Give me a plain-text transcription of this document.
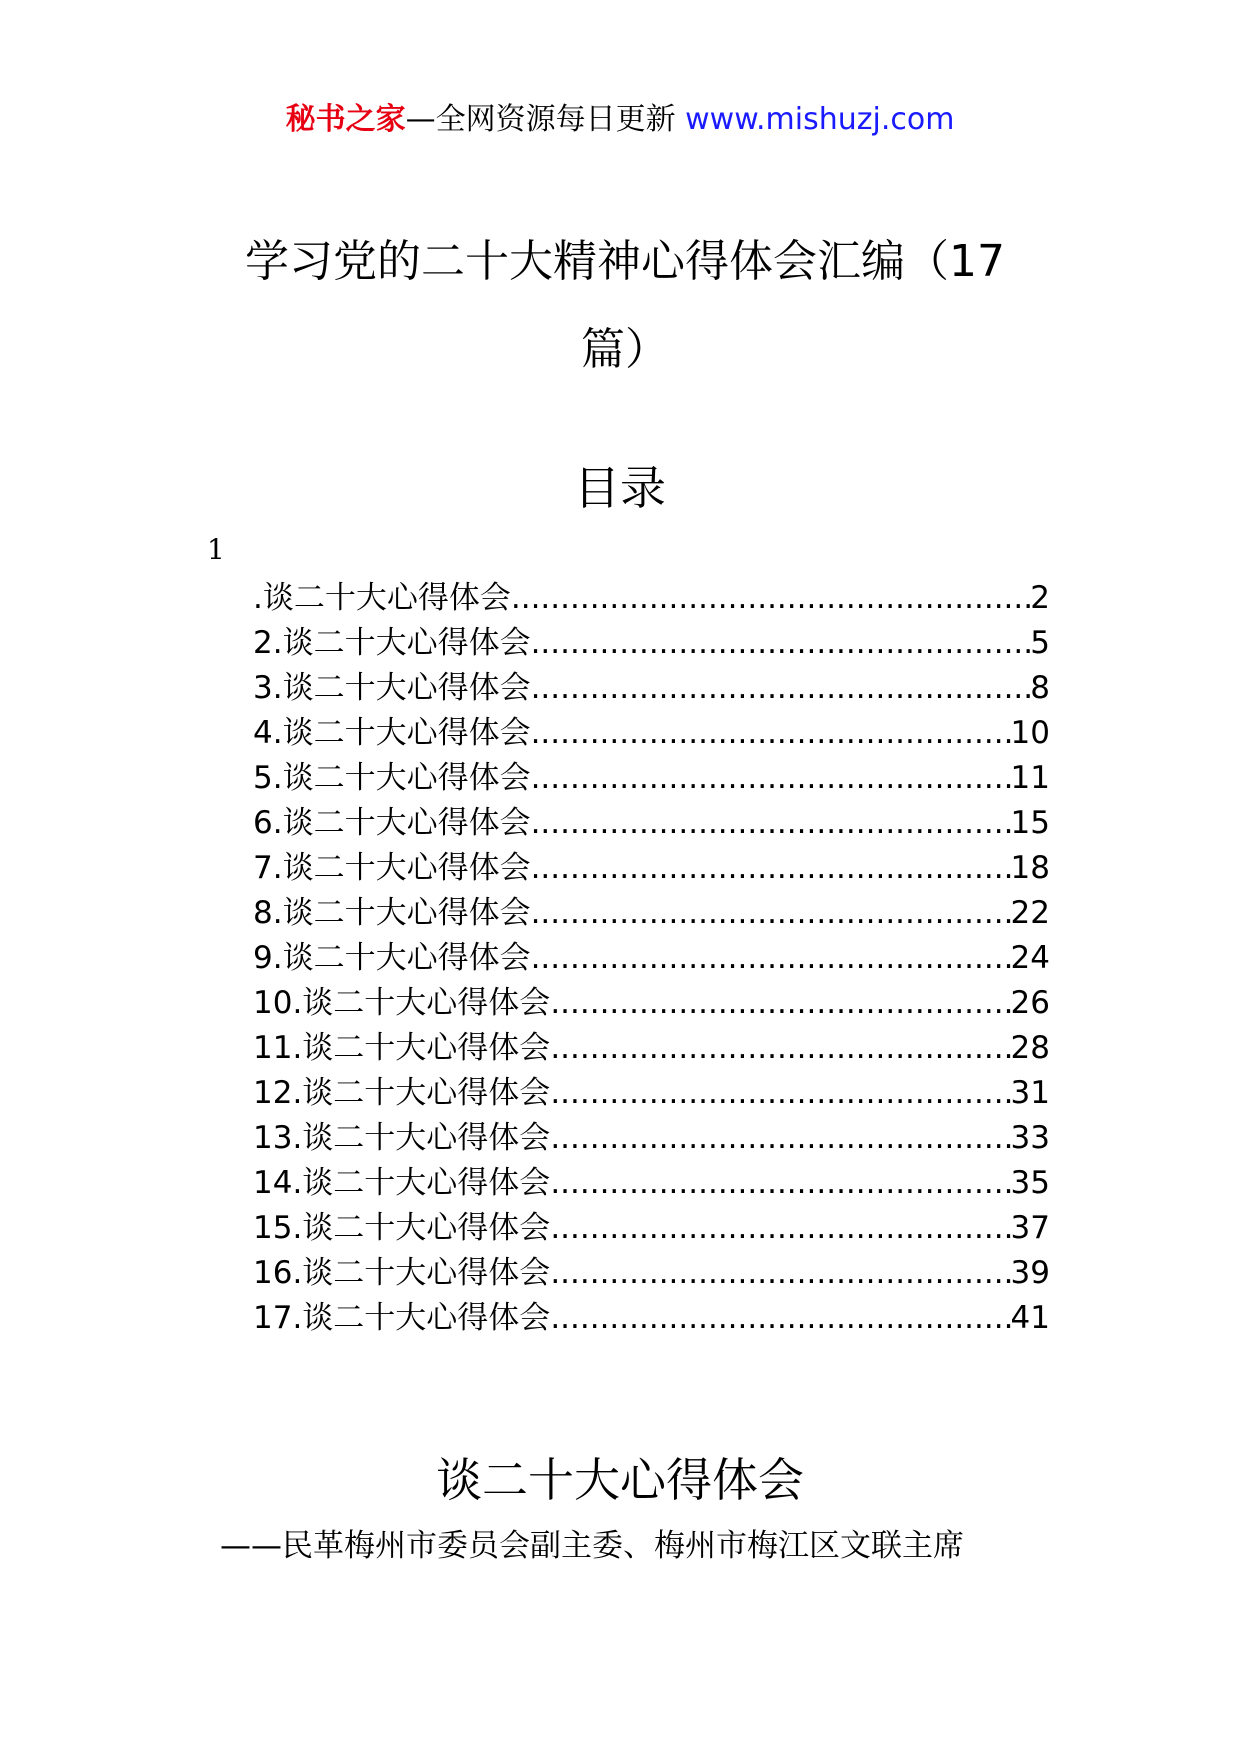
秘书之家—全网资源每日更新 www.mishuzj.com
学习党的二十大精神心得体会汇编（17
篇）
目录
1
.谈二十大心得体会 .....	2
2.谈二十大心得体会 .....	5
3.谈二十大心得体会 .....	8
4.谈二十大心得体会 .....	10
5.谈二十大心得体会 .....	11
6.谈二十大心得体会 .....	15
7.谈二十大心得体会 .....	18
8.谈二十大心得体会 .....	22
9.谈二十大心得体会 .....	24
10.谈二十大心得体会 .....	26
11.谈二十大心得体会 .....	28
12.谈二十大心得体会 .....	31
13.谈二十大心得体会 .....	33
14.谈二十大心得体会 .....	35
15.谈二十大心得体会 .....	37
16.谈二十大心得体会 .....	39
17.谈二十大心得体会 .....	41
谈二十大心得体会
——民革梅州市委员会副主委、梅州市梅江区文联主席
